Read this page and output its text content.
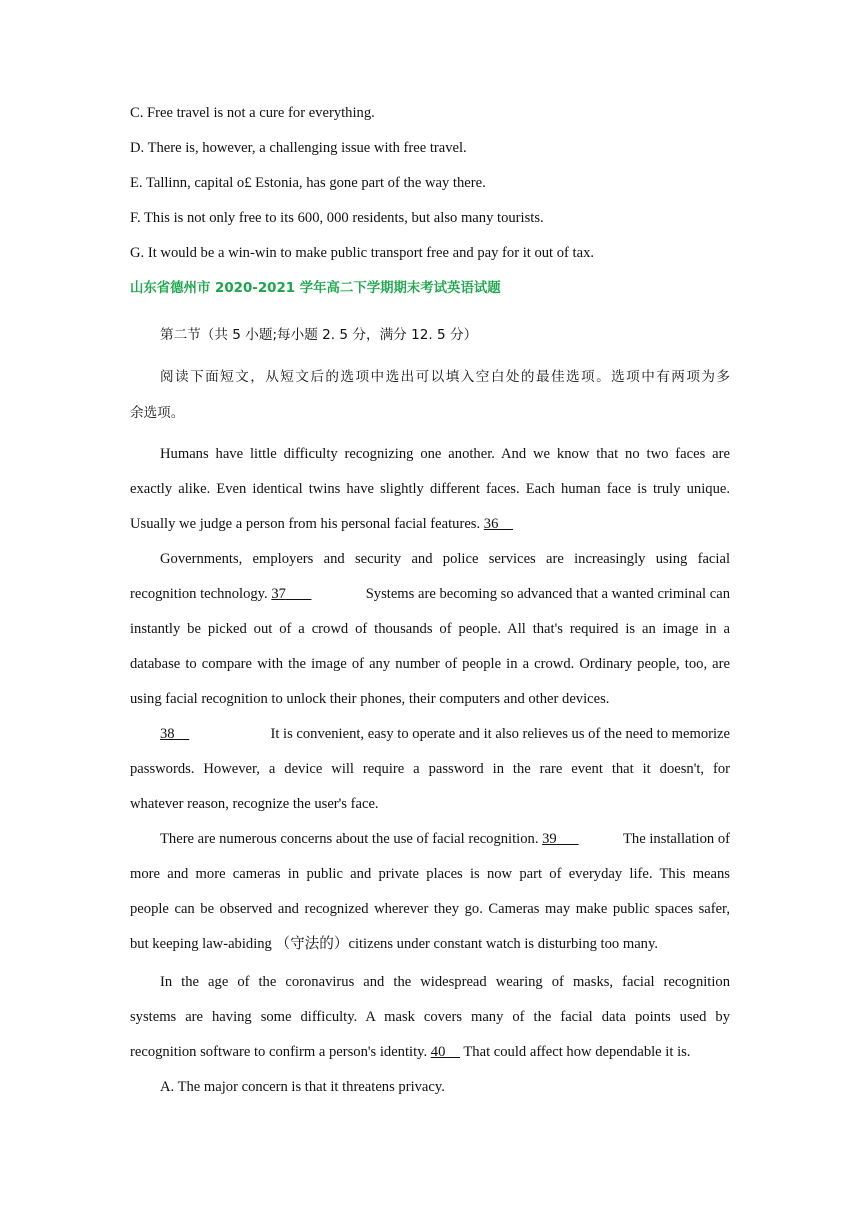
C. Free travel is not a cure for everything.
D. There is, however, a challenging issue with free travel.
E. Tallinn, capital o£ Estonia, has gone part of the way there.
F. This is not only free to its 600, 000 residents, but also many tourists.
G. It would be a win-win to make public transport free and pay for it out of tax.
山东省德州市 2020-2021 学年高二下学期期末考试英语试题
第二节（共 5 小题;每小题 2. 5 分，满分 12. 5 分）
阅读下面短文，从短文后的选项中选出可以填入空白处的最佳选项。选项中有两项为多
余选项。
Humans have little difficulty recognizing one another. And we know that no two faces are
exactly alike. Even identical twins have slightly different faces. Each human face is truly unique.
Usually we judge a person from his personal facial features. 36
Governments, employers and security and police services are increasingly using facial
recognition technology. 37	Systems are becoming so advanced that a wanted criminal can
instantly be picked out of a crowd of thousands of people. All that's required is an image in a
database to compare with the image of any number of people in a crowd. Ordinary people, too, are
using facial recognition to unlock their phones, their computers and other devices.
38	It is convenient, easy to operate and it also relieves us of the need to memorize
passwords. However, a device will require a password in the rare event that it doesn't, for
whatever reason, recognize the user's face.
There are numerous concerns about the use of facial recognition. 39	The installation of
more and more cameras in public and private places is now part of everyday life. This means
people can be observed and recognized wherever they go. Cameras may make public spaces safer,
but keeping law-abiding （守法的）citizens under constant watch is disturbing too many.
In the age of the coronavirus and the widespread wearing of masks, facial recognition
systems are having some difficulty. A mask covers many of the facial data points used by
recognition software to confirm a person's identity. 40 That could affect how dependable it is.
A. The major concern is that it threatens privacy.
